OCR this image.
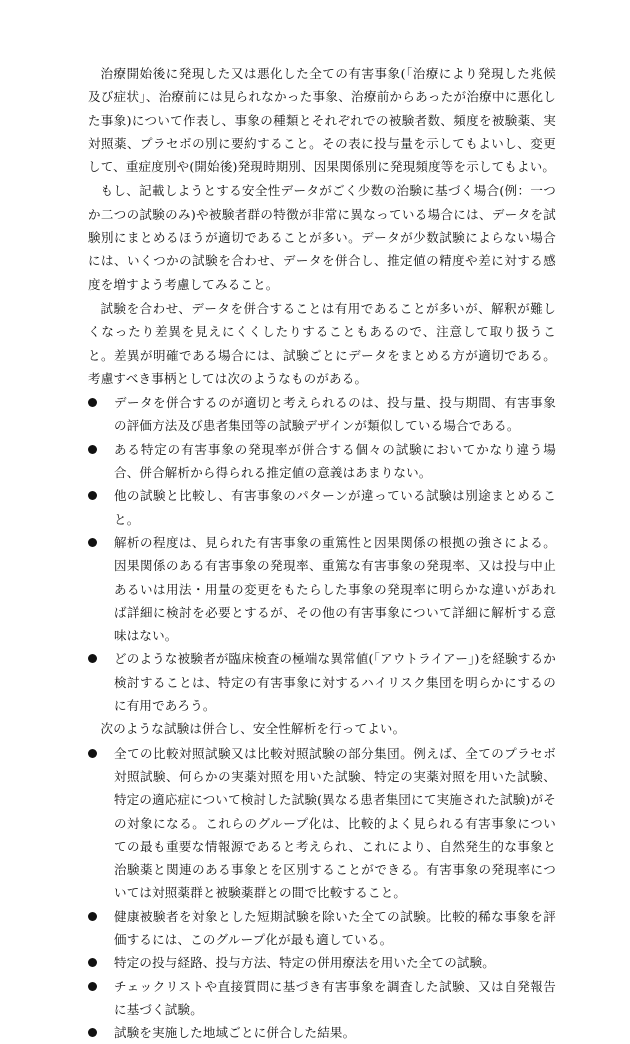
治療開始後に発現した又は悪化した全ての有害事象(｢治療により発現した兆候及び症状｣、治療前には見られなかった事象、治療前からあったが治療中に悪化した事象)について作表し、事象の種類とそれぞれでの被験者数、頻度を被験薬、実対照薬、プラセボの別に要約すること。その表に投与量を示してもよいし、変更して、重症度別や(開始後)発現時期別、因果関係別に発現頻度等を示してもよい。

もし、記載しようとする安全性データがごく少数の治験に基づく場合(例：一つか二つの試験のみ)や被験者群の特徴が非常に異なっている場合には、データを試験別にまとめるほうが適切であることが多い。データが少数試験によらない場合には、いくつかの試験を合わせ、データを併合し、推定値の精度や差に対する感度を増すよう考慮してみること。

試験を合わせ、データを併合することは有用であることが多いが、解釈が難しくなったり差異を見えにくくしたりすることもあるので、注意して取り扱うこと。差異が明確である場合には、試験ごとにデータをまとめる方が適切である。考慮すべき事柄としては次のようなものがある。

データを併合するのが適切と考えられるのは、投与量、投与期間、有害事象の評価方法及び患者集団等の試験デザインが類似している場合である。
ある特定の有害事象の発現率が併合する個々の試験においてかなり違う場合、併合解析から得られる推定値の意義はあまりない。
他の試験と比較し、有害事象のパターンが違っている試験は別途まとめること。
解析の程度は、見られた有害事象の重篤性と因果関係の根拠の強さによる。因果関係のある有害事象の発現率、重篤な有害事象の発現率、又は投与中止あるいは用法・用量の変更をもたらした事象の発現率に明らかな違いがあれば詳細に検討を必要とするが、その他の有害事象について詳細に解析する意味はない。
どのような被験者が臨床検査の極端な異常値(｢アウトライアー｣)を経験するか検討することは、特定の有害事象に対するハイリスク集団を明らかにするのに有用であろう。

次のような試験は併合し、安全性解析を行ってよい。

全ての比較対照試験又は比較対照試験の部分集団。例えば、全てのプラセボ対照試験、何らかの実薬対照を用いた試験、特定の実薬対照を用いた試験、特定の適応症について検討した試験(異なる患者集団にて実施された試験)がその対象になる。これらのグループ化は、比較的よく見られる有害事象についての最も重要な情報源であると考えられ、これにより、自然発生的な事象と治験薬と関連のある事象とを区別することができる。有害事象の発現率については対照薬群と被験薬群との間で比較すること。
健康被験者を対象とした短期試験を除いた全ての試験。比較的稀な事象を評価するには、このグループ化が最も適している。
特定の投与経路、投与方法、特定の併用療法を用いた全ての試験。
チェックリストや直接質問に基づき有害事象を調査した試験、又は自発報告に基づく試験。
試験を実施した地域ごとに併合した結果。
